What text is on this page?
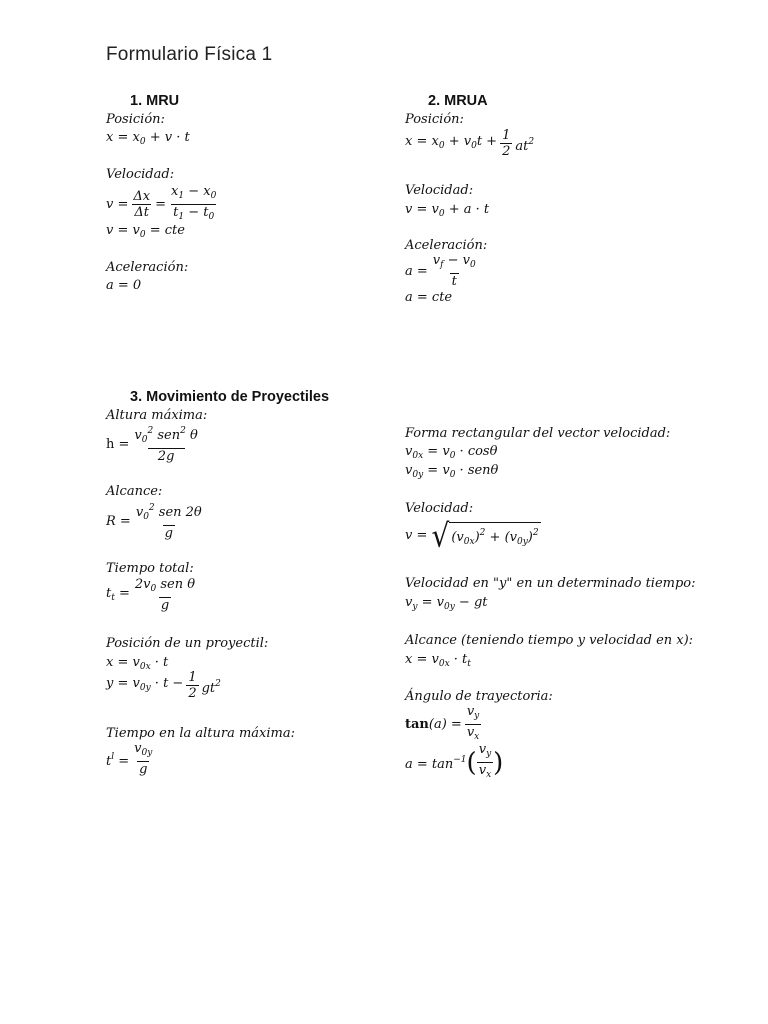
Formulario Física 1
1. MRU
Posición:
$x = x_0 + v \cdot t$
Velocidad:
$v = \frac{\Delta x}{\Delta t} = \frac{x_1 - x_0}{t_1 - t_0}$
$v = v_0$ = cte
Aceleración:
a = 0
2. MRUA
Posición:
$x = x_0 + v_0t + \frac{1}{2} at^2$
Velocidad:
$v = v_0 + a \cdot t$
Aceleración:
$a = \frac{v_f - v_0}{t}$
a = cte
3. Movimiento de Proyectiles
Altura máxima:
$h = \frac{v_0^2 sen^2 \theta}{2g}$
Alcance:
$R = \frac{v_0^2 sen 2\theta}{g}$
Tiempo total:
$t_t = \frac{2v_0 sen \theta}{g}$
Posición de un proyectil:
$x = v_{0x} \cdot t$
$y = v_{0y} \cdot t - \frac{1}{2} gt^2$
Tiempo en la altura máxima:
$t^l = \frac{v_{0y}}{g}$
Forma rectangular del vector velocidad:
$v_{0x} = v_0 \cdot \cos\theta$
$v_{0y} = v_0 \cdot sen\theta$
Velocidad:
v = √ $(v_{0x})^2 + (v_{0y})^2$
Velocidad en "y" en un determinado tiempo:
$v_y = v_{0y}$ − gt
Alcance (teniendo tiempo y velocidad en x):
$x = v_{0x} \cdot t_t$
Ángulo de trayectoria:
$\tan (a) = \frac{v_y}{v_x}$
$a = \tan^{-1}$ ( $\frac{v_y}{v_x}$ )
